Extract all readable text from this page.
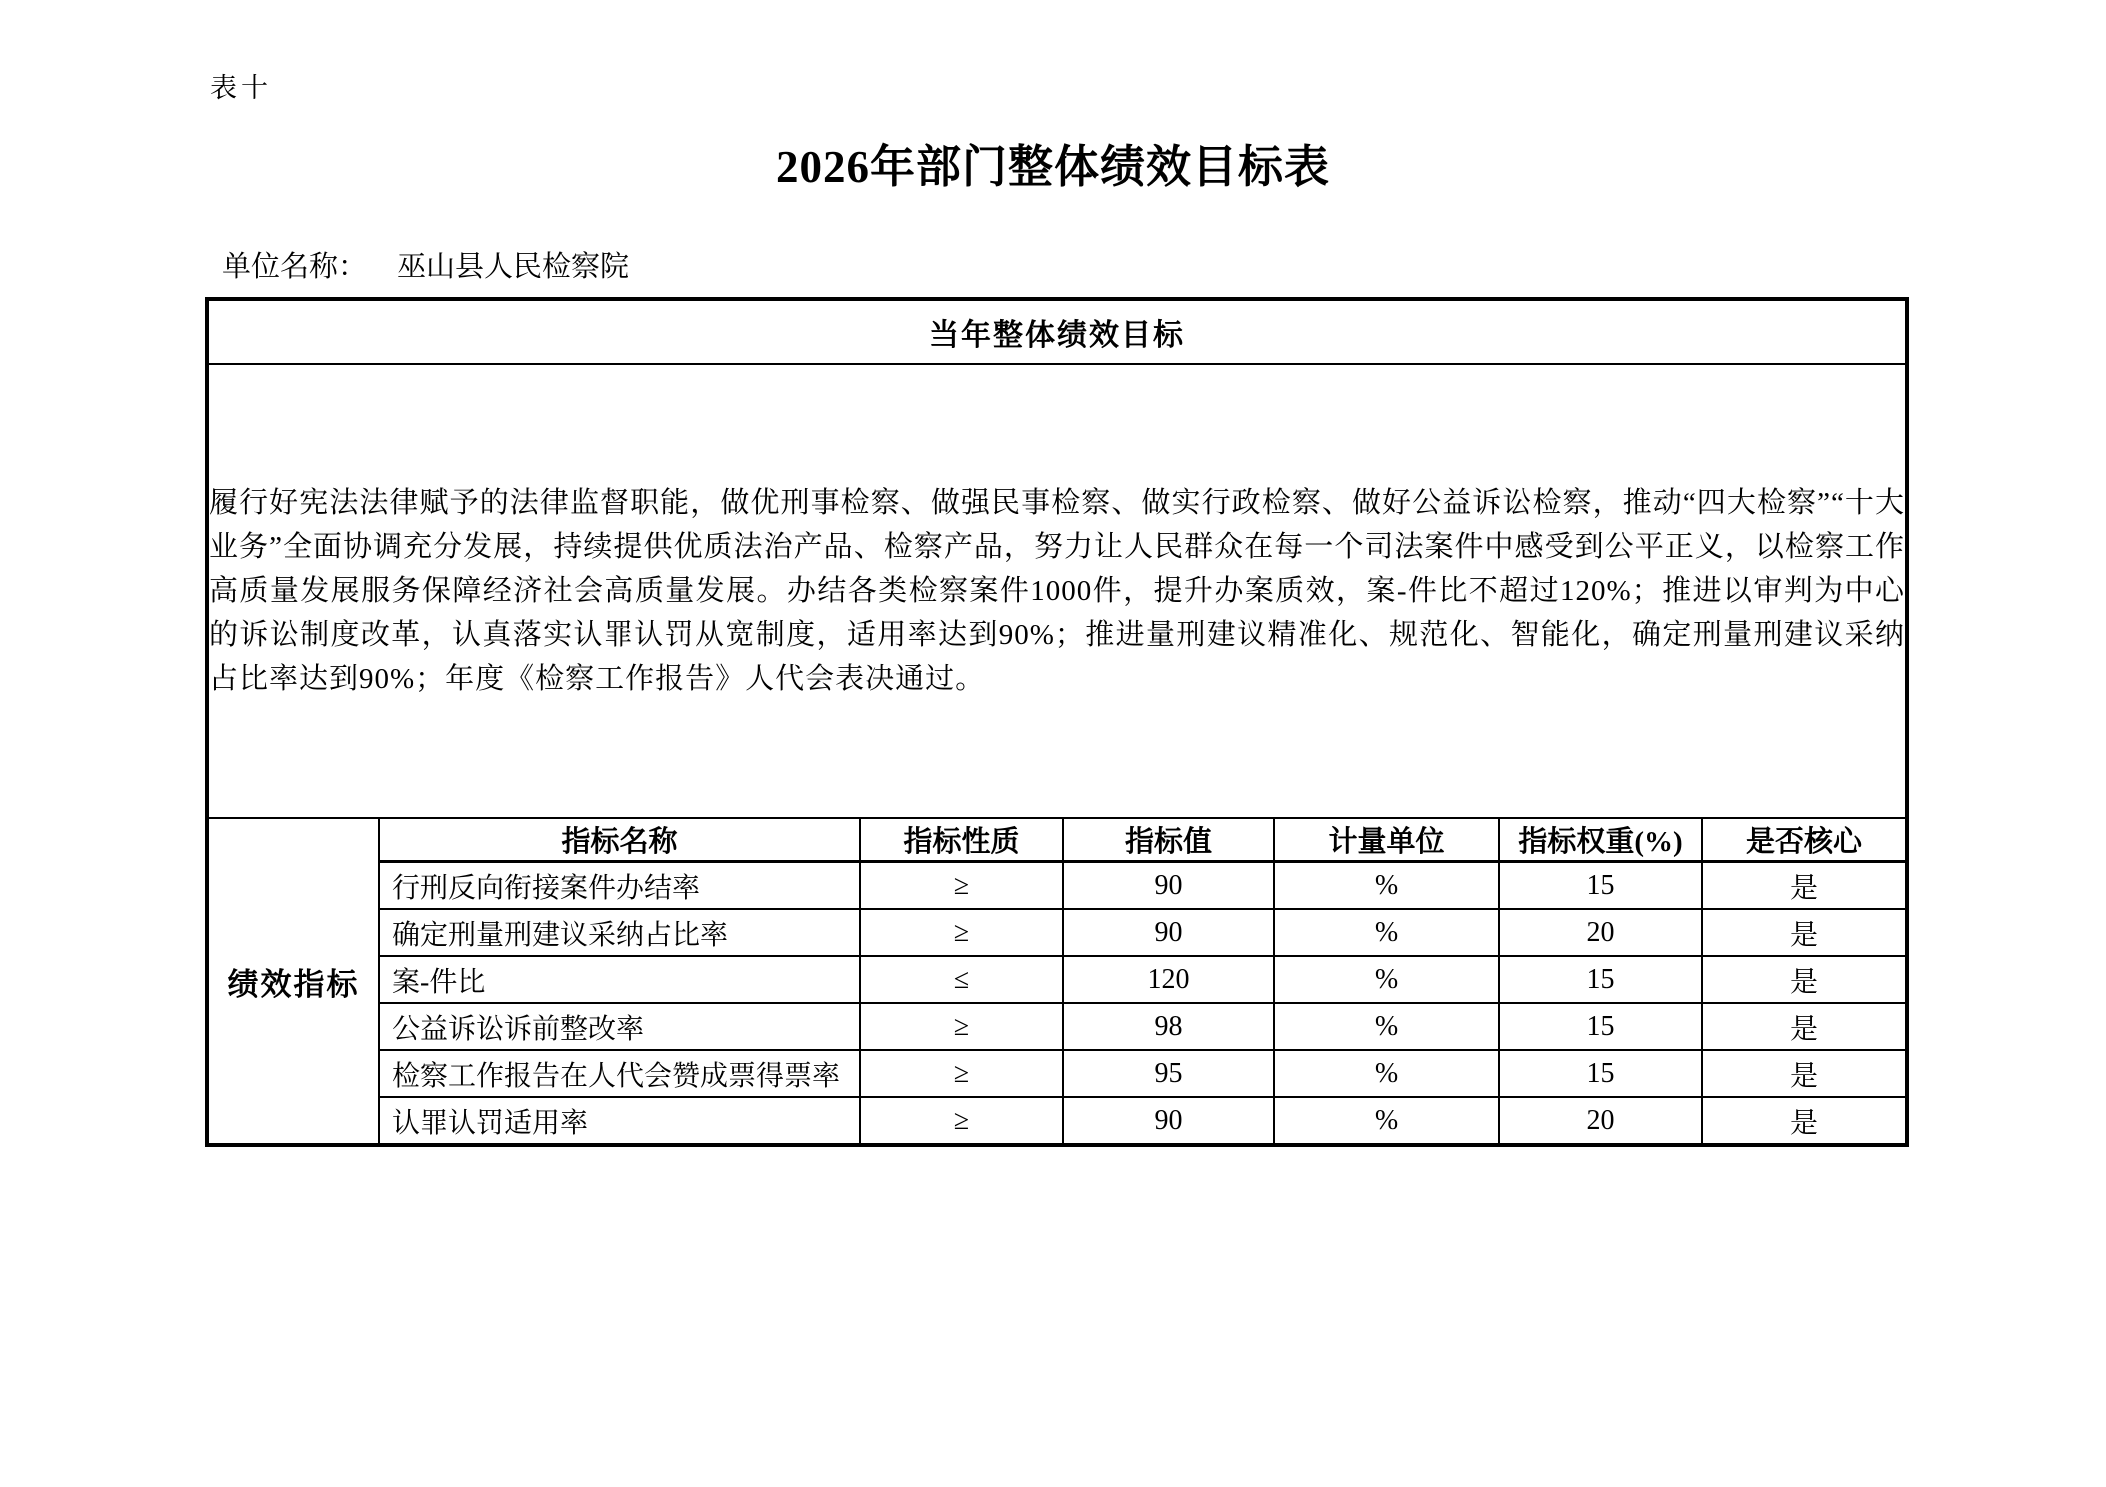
表十
2026年部门整体绩效目标表
单位名称： 巫山县人民检察院
当年整体绩效目标						
履行好宪法法律赋予的法律监督职能，做优刑事检察、做强民事检察、做实行政检察、做好公益诉讼检察，推动“四大检察”“十大业务”全面协调充分发展，持续提供优质法治产品、检察产品，努力让人民群众在每一个司法案件中感受到公平正义，以检察工作高质量发展服务保障经济社会高质量发展。办结各类检察案件1000件，提升办案质效，案-件比不超过120%；推进以审判为中心的诉讼制度改革，认真落实认罪认罚从宽制度，适用率达到90%；推进量刑建议精准化、规范化、智能化，确定刑量刑建议采纳占比率达到90%；年度《检察工作报告》人代会表决通过。						
绩效指标	指标名称	指标性质	指标值	计量单位	指标权重(%)	是否核心
	行刑反向衔接案件办结率	≥	90	%	15	是
	确定刑量刑建议采纳占比率	≥	90	%	20	是
	案-件比	≤	120	%	15	是
	公益诉讼诉前整改率	≥	98	%	15	是
	检察工作报告在人代会赞成票得票率	≥	95	%	15	是
	认罪认罚适用率	≥	90	%	20	是
